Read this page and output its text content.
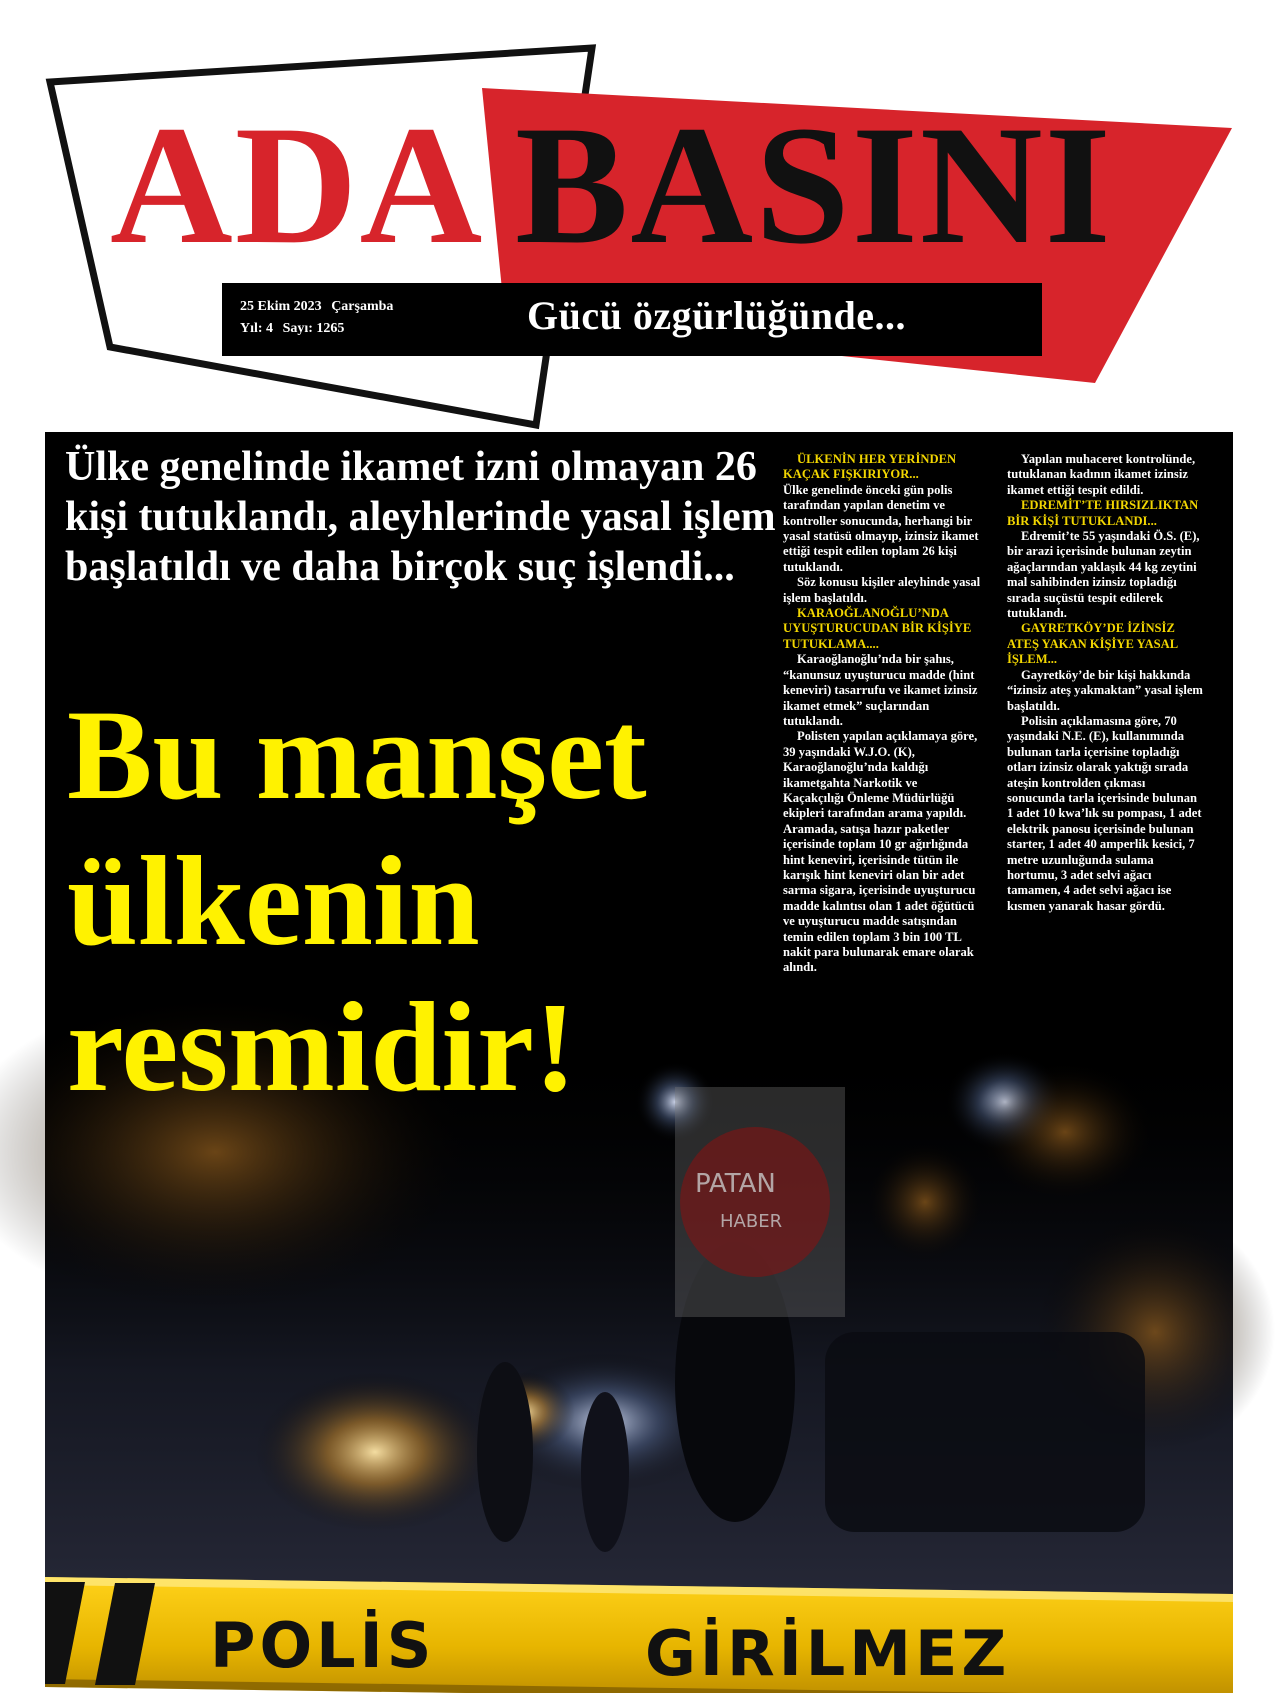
ADA BASINI
25 Ekim 2023 Çarşamba
Yıl: 4 Sayı: 1265	Gücü özgürlüğünde...
POLİS	GİRİLMEZ
Ülke genelinde ikamet izni olmayan 26 kişi tutuklandı, aleyhlerinde yasal işlem başlatıldı ve daha birçok suç işlendi...
Bu manşet ülkenin resmidir!
PATAN
HABER

ÜLKENİN HER YERİNDEN KAÇAK FIŞKIRIYOR...

Ülke genelinde önceki gün polis tarafından yapılan denetim ve kontroller sonucunda, herhangi bir yasal statüsü olmayıp, izinsiz ikamet ettiği tespit edilen toplam 26 kişi tutuklandı.

Söz konusu kişiler aleyhinde yasal işlem başlatıldı.

KARAOĞLANOĞLU’NDA UYUŞTURUCUDAN BİR KİŞİYE TUTUKLAMA....

Karaoğlanoğlu’nda bir şahıs, “kanunsuz uyuşturucu madde (hint keneviri) tasarrufu ve ikamet izinsiz ikamet etmek” suçlarından tutuklandı.

Polisten yapılan açıklamaya göre, 39 yaşındaki W.J.O. (K), Karaoğlanoğlu’nda kaldığı ikametgahta Narkotik ve Kaçakçılığı Önleme Müdürlüğü ekipleri tarafından arama yapıldı. Aramada, satışa hazır paketler içerisinde toplam 10 gr ağırlığında hint keneviri, içerisinde tütün ile karışık hint keneviri olan bir adet sarma sigara, içerisinde uyuşturucu madde kalıntısı olan 1 adet öğütücü ve uyuşturucu madde satışından temin edilen toplam 3 bin 100 TL nakit para bulunarak emare olarak alındı.

Yapılan muhaceret kontrolünde, tutuklanan kadının ikamet izinsiz ikamet ettiği tespit edildi.

EDREMİT’TE HIRSIZLIKTAN BİR KİŞİ TUTUKLANDI...

Edremit’te 55 yaşındaki Ö.S. (E), bir arazi içerisinde bulunan zeytin ağaçlarından yaklaşık 44 kg zeytini mal sahibinden izinsiz topladığı sırada suçüstü tespit edilerek tutuklandı.

GAYRETKÖY’DE İZİNSİZ ATEŞ YAKAN KİŞİYE YASAL İŞLEM...

Gayretköy’de bir kişi hakkında “izinsiz ateş yakmaktan” yasal işlem başlatıldı.

Polisin açıklamasına göre, 70 yaşındaki N.E. (E), kullanımında bulunan tarla içerisine topladığı otları izinsiz olarak yaktığı sırada ateşin kontrolden çıkması sonucunda tarla içerisinde bulunan 1 adet 10 kwa’lık su pompası, 1 adet elektrik panosu içerisinde bulunan starter, 1 adet 40 amperlik kesici, 7 metre uzunluğunda sulama hortumu, 3 adet selvi ağacı tamamen, 4 adet selvi ağacı ise kısmen yanarak hasar gördü.
